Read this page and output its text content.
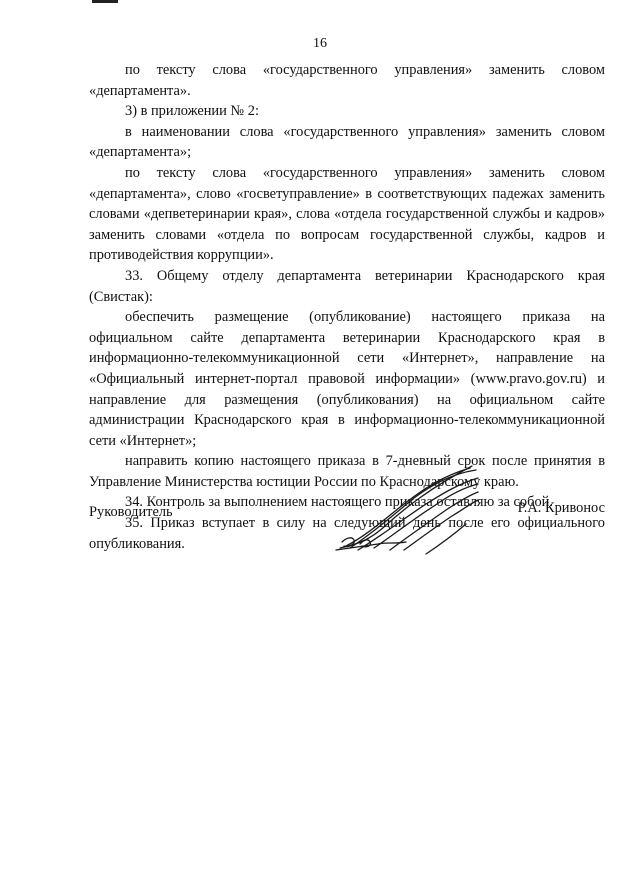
16

по тексту слова «государственного управления» заменить словом «департамента».

3) в приложении № 2:

в наименовании слова «государственного управления» заменить словом «департамента»;

по тексту слова «государственного управления» заменить словом «департамента», слово «госветуправление» в соответствующих падежах заменить словами «депветеринарии края», слова «отдела государственной службы и кадров» заменить словами «отдела по вопросам государственной службы, кадров и противодействия коррупции».

33. Общему отделу департамента ветеринарии Краснодарского края (Свистак):

обеспечить размещение (опубликование) настоящего приказа на официальном сайте департамента ветеринарии Краснодарского края в информационно-телекоммуникационной сети «Интернет», направление на «Официальный интернет-портал правовой информации» (www.pravo.gov.ru) и направление для размещения (опубликования) на официальном сайте администрации Краснодарского края в информационно-телекоммуникационной сети «Интернет»;

направить копию настоящего приказа в 7-дневный срок после принятия в Управление Министерства юстиции России по Краснодарскому краю.

34. Контроль за выполнением настоящего приказа оставляю за собой.

35. Приказ вступает в силу на следующий день после его официального опубликования.

Руководитель	Р.А. Кривонос
